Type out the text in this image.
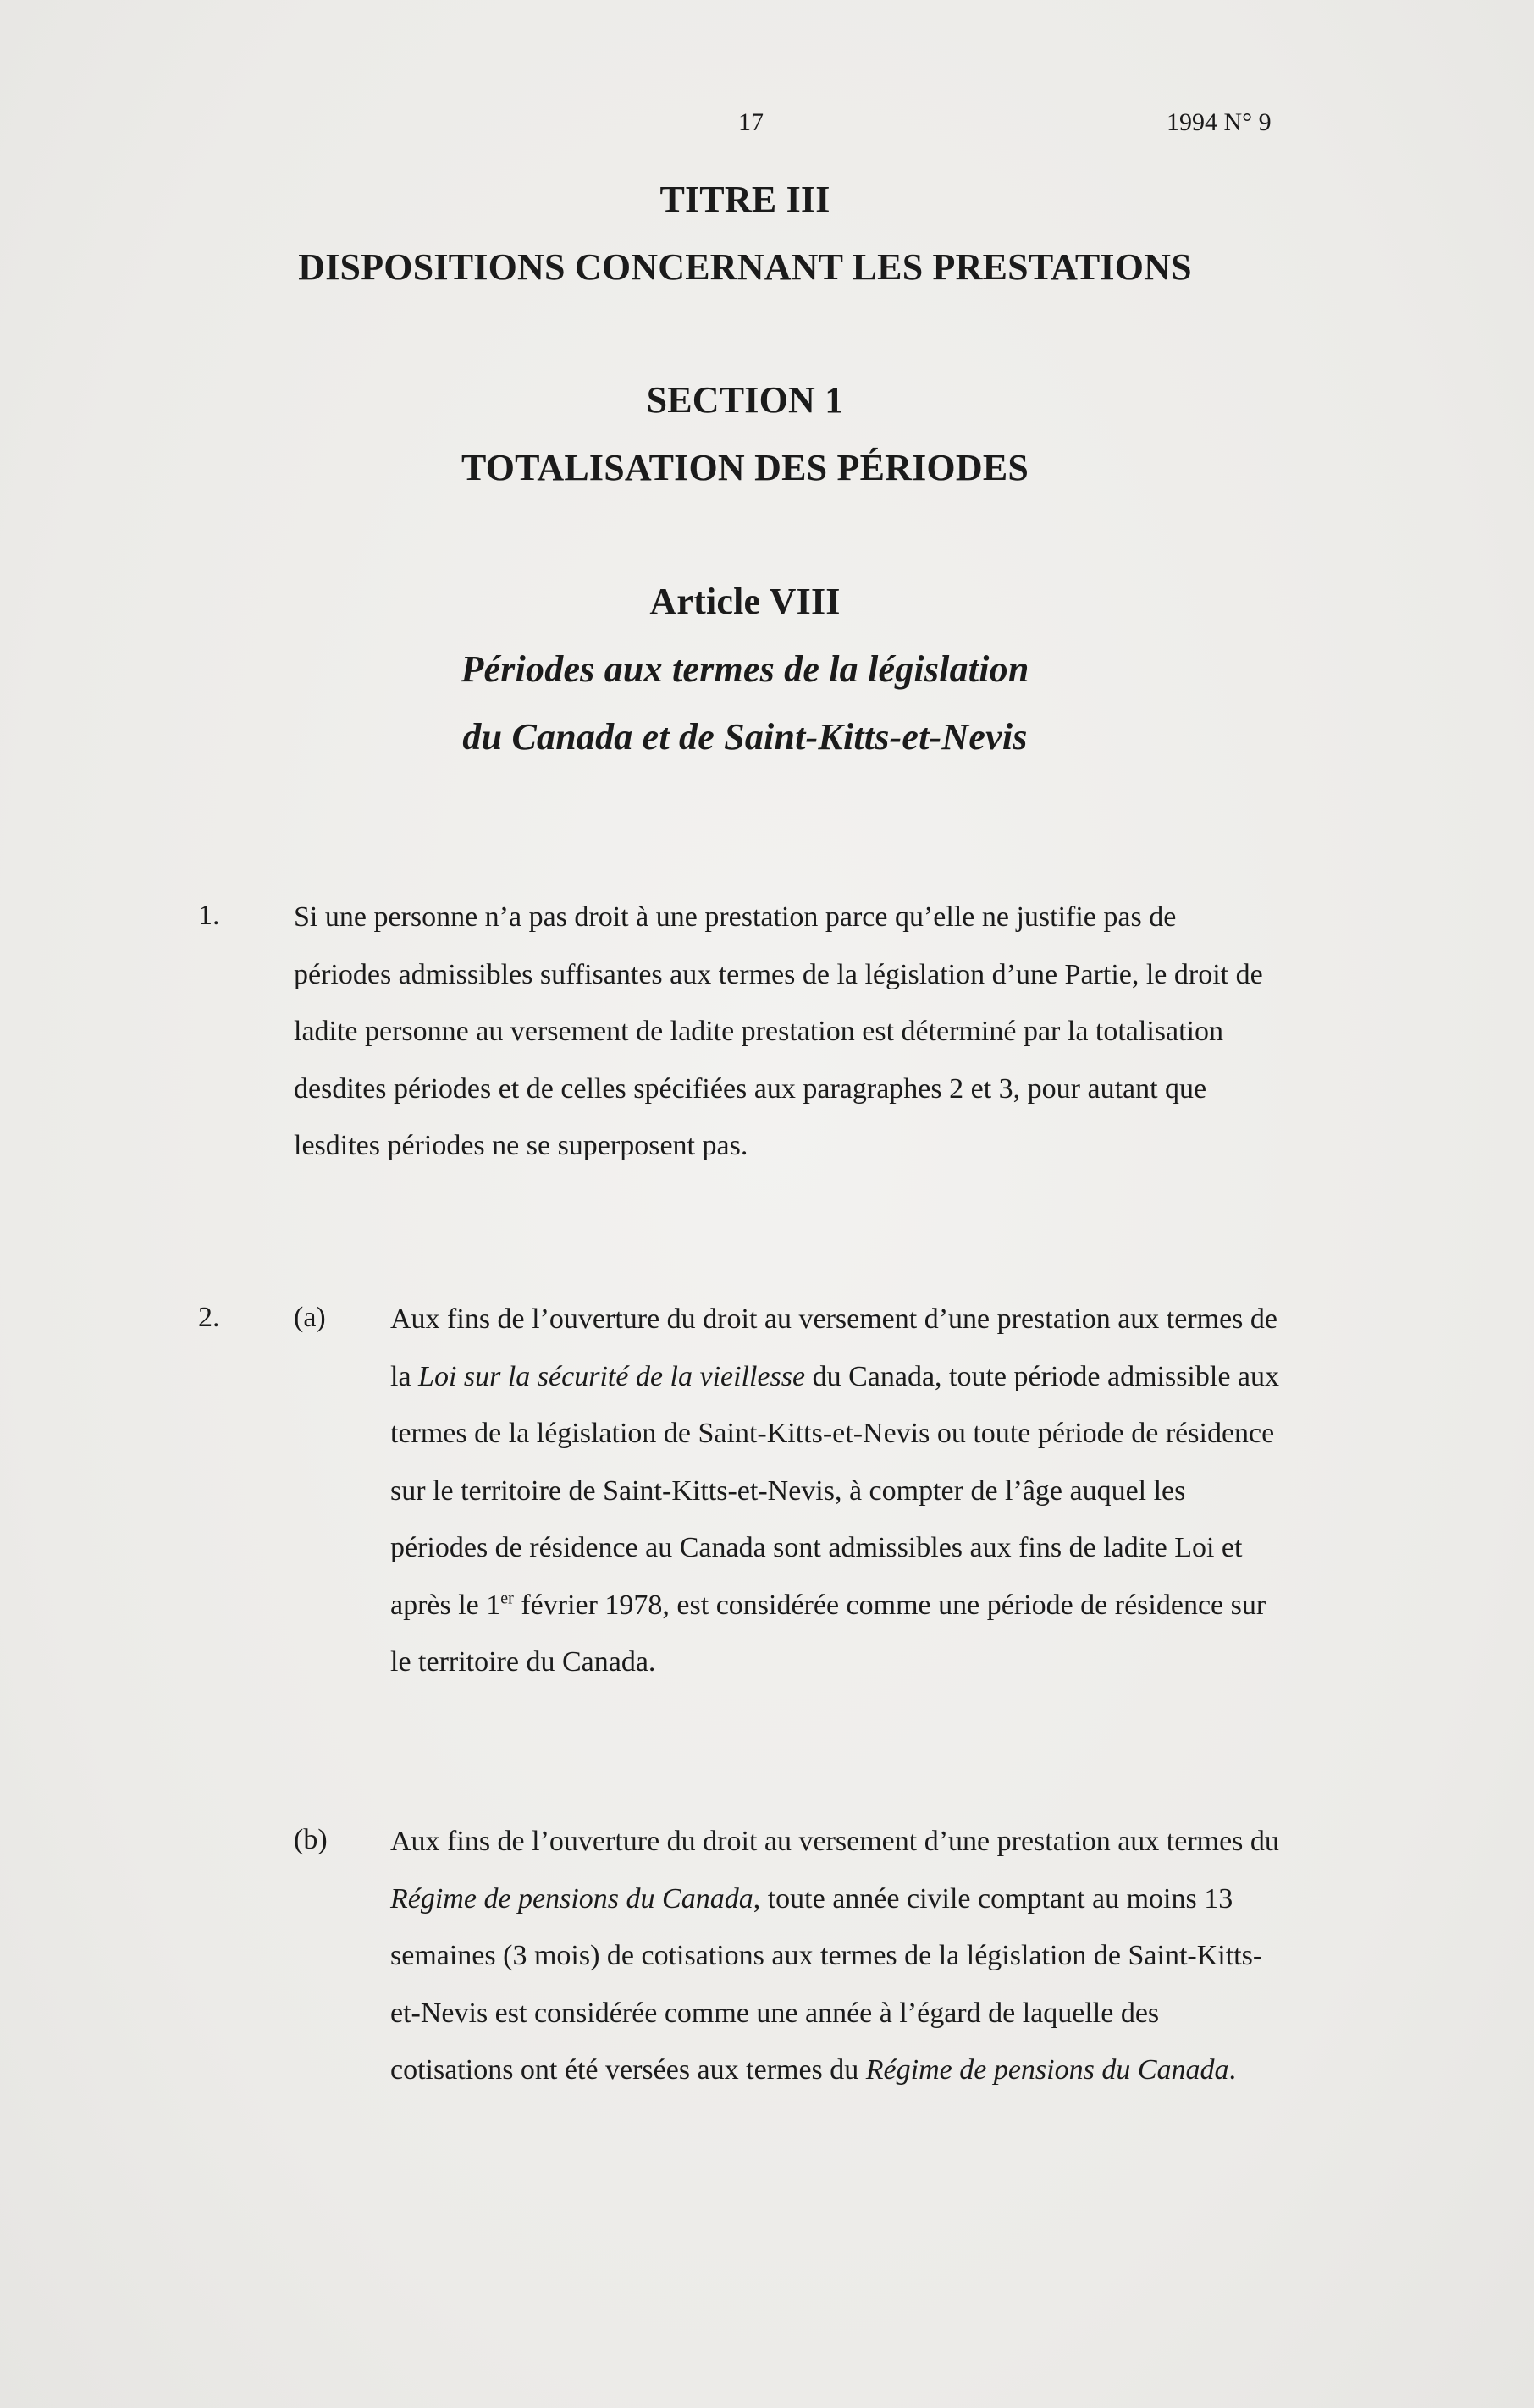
17	1994 N° 9
TITRE III
DISPOSITIONS CONCERNANT LES PRESTATIONS
SECTION 1
TOTALISATION DES PÉRIODES
Article VIII
Périodes aux termes de la législation
du Canada et de Saint-Kitts-et-Nevis
1.	Si une personne n’a pas droit à une prestation parce qu’elle ne justifie pas de périodes admissibles suffisantes aux termes de la législation d’une Partie, le droit de ladite personne au versement de ladite prestation est déterminé par la totalisation desdites périodes et de celles spécifiées aux paragraphes 2 et 3, pour autant que lesdites périodes ne se superposent pas.

2.	(a) Aux fins de l’ouverture du droit au versement d’une prestation aux termes de la Loi sur la sécurité de la vieillesse du Canada, toute période admissible aux termes de la législation de Saint-Kitts-et-Nevis ou toute période de résidence sur le territoire de Saint-Kitts-et-Nevis, à compter de l’âge auquel les périodes de résidence au Canada sont admissibles aux fins de ladite Loi et après le 1er février 1978, est considérée comme une période de résidence sur le territoire du Canada.

(b) Aux fins de l’ouverture du droit au versement d’une prestation aux termes du Régime de pensions du Canada, toute année civile comptant au moins 13 semaines (3 mois) de cotisations aux termes de la législation de Saint-Kitts-et-Nevis est considérée comme une année à l’égard de laquelle des cotisations ont été versées aux termes du Régime de pensions du Canada.
